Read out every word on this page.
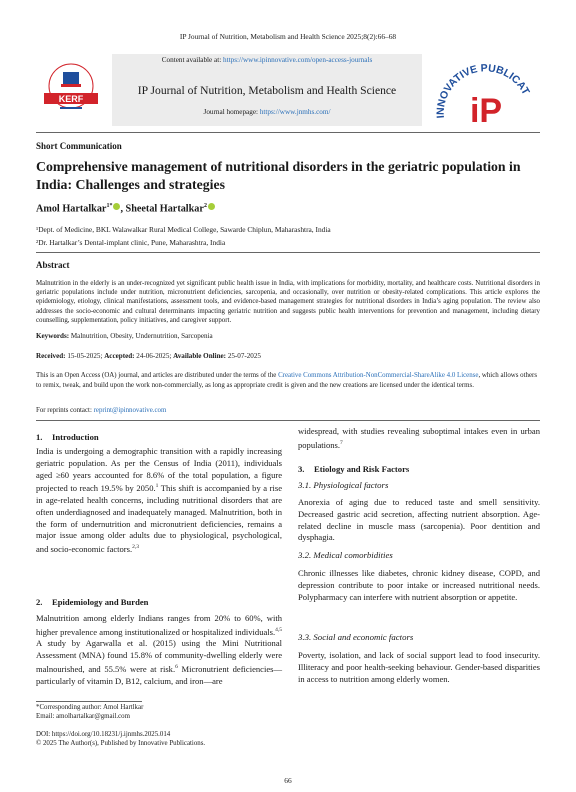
IP Journal of Nutrition, Metabolism and Health Science 2025;8(2):66–68
KERF
Content available at: https://www.ipinnovative.com/open-access-journals
IP Journal of Nutrition, Metabolism and Health Science
Journal homepage: https://www.jnmhs.com/
INNOVATIVE PUBLICAT
iP
Short Communication
Comprehensive management of nutritional disorders in the geriatric population in India: Challenges and strategies
Amol Hartalkar$^{1*}$ , Sheetal Hartalkar$^2$
¹Dept. of Medicine, BKL Walawalkar Rural Medical College, Sawarde Chiplun, Maharashtra, India
²Dr. Hartalkar’s Dental-implant clinic, Pune, Maharashtra, India
Abstract
Malnutrition in the elderly is an under-recognized yet significant public health issue in India, with implications for morbidity, mortality, and healthcare costs. Nutritional disorders in geriatric populations include under nutrition, micronutrient deficiencies, sarcopenia, and occasionally, over nutrition or obesity-related complications. This article explores the epidemiology, etiology, clinical manifestations, assessment tools, and evidence-based management strategies for nutritional disorders in India’s aging population. The review also addresses the socio-economic and cultural determinants impacting geriatric nutrition and suggests public health interventions for prevention and management, including dietary counselling, supplementation, policy initiatives, and caregiver support.
Keywords: Malnutrition, Obesity, Undernutrition, Sarcopenia
Received: 15-05-2025; Accepted: 24-06-2025; Available Online: 25-07-2025
This is an Open Access (OA) journal, and articles are distributed under the terms of the Creative Commons Attribution-NonCommercial-ShareAlike 4.0 License, which allows others to remix, tweak, and build upon the work non-commercially, as long as appropriate credit is given and the new creations are licensed under the identical terms.
For reprints contact: reprint@ipinnovative.com
1. Introduction

India is undergoing a demographic transition with a rapidly increasing geriatric population. As per the Census of India (2011), individuals aged ≥60 years accounted for 8.6% of the total population, a figure projected to reach 19.5% by 2050.$^1$ This shift is accompanied by a rise in age-related health concerns, including nutritional disorders that are often underdiagnosed and inadequately managed. Malnutrition, both in the form of undernutrition and micronutrient deficiencies, remains a major issue among older adults due to physiological, psychological, and socio-economic factors.$^{2,3}$

2. Epidemiology and Burden

Malnutrition among elderly Indians ranges from 20% to 60%, with higher prevalence among institutionalized or hospitalized individuals.$^{4,5}$ A study by Agarwalla et al. (2015) using the Mini Nutritional Assessment (MNA) found 15.8% of community-dwelling elderly were malnourished, and 55.5% were at risk.$^6$ Micronutrient deficiencies—particularly of vitamin D, B12, calcium, and iron—are

widespread, with studies revealing suboptimal intakes even in urban populations.$^7$

3. Etiology and Risk Factors
3.1. Physiological factors

Anorexia of aging due to reduced taste and smell sensitivity. Decreased gastric acid secretion, affecting nutrient absorption. Age-related decline in muscle mass (sarcopenia). Poor dentition and dysphagia.

3.2. Medical comorbidities

Chronic illnesses like diabetes, chronic kidney disease, COPD, and depression contribute to poor intake or increased nutritional needs. Polypharmacy can interfere with nutrient absorption or appetite.

3.3. Social and economic factors

Poverty, isolation, and lack of social support lead to food insecurity. Illiteracy and poor health-seeking behaviour. Gender-based disparities in access to nutrition among elderly women.

*Corresponding author: Amol Hartlkar
Email: amolhartalkar@gmail.com
DOI: https://doi.org/10.18231/j.ijnmhs.2025.014
© 2025 The Author(s), Published by Innovative Publications.
66
